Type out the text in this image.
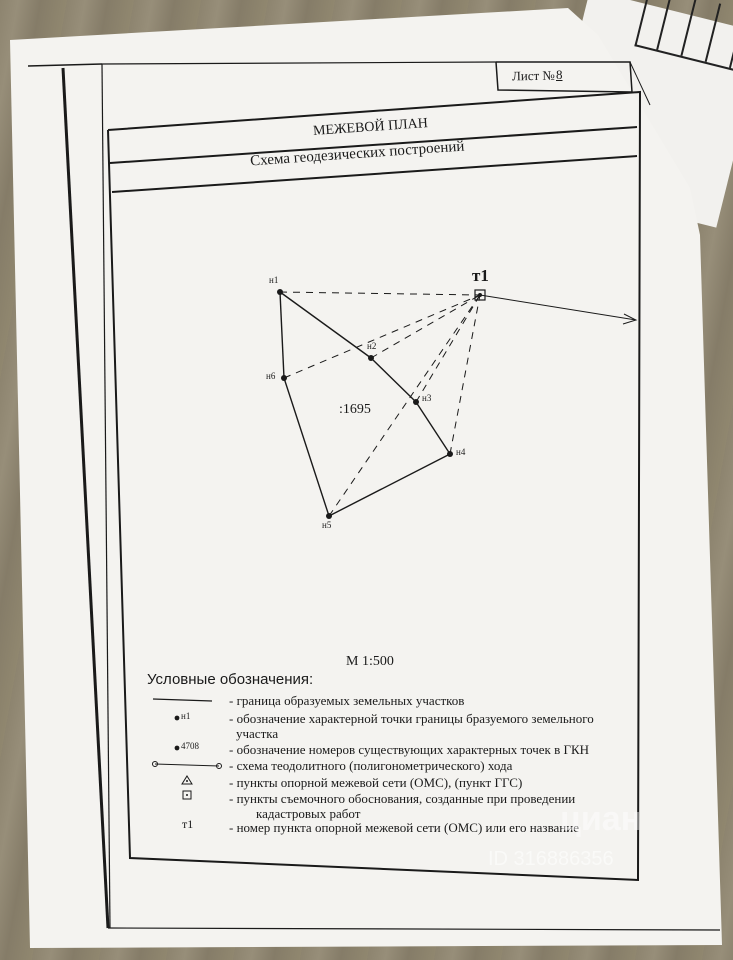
Лист № 8
МЕЖЕВОЙ ПЛАН
Схема геодезических построений
т1
н1
н2
н3
н4
н5
н6
:1695
М 1:500
Условные обозначения:
н1
4708
т1
- граница образуемых земельных участков
- обозначение характерной точки границы бразуемого земельного
участка
- обозначение номеров существующих характерных точек в ГКН
- схема теодолитного (полигонометрического) хода
- пункты опорной межевой сети (ОМС), (пункт ГГС)
- пункты съемочного обоснования, созданные при проведении
кадастровых работ
- номер пункта опорной межевой сети (ОМС) или его название
циан
ID 316886356
